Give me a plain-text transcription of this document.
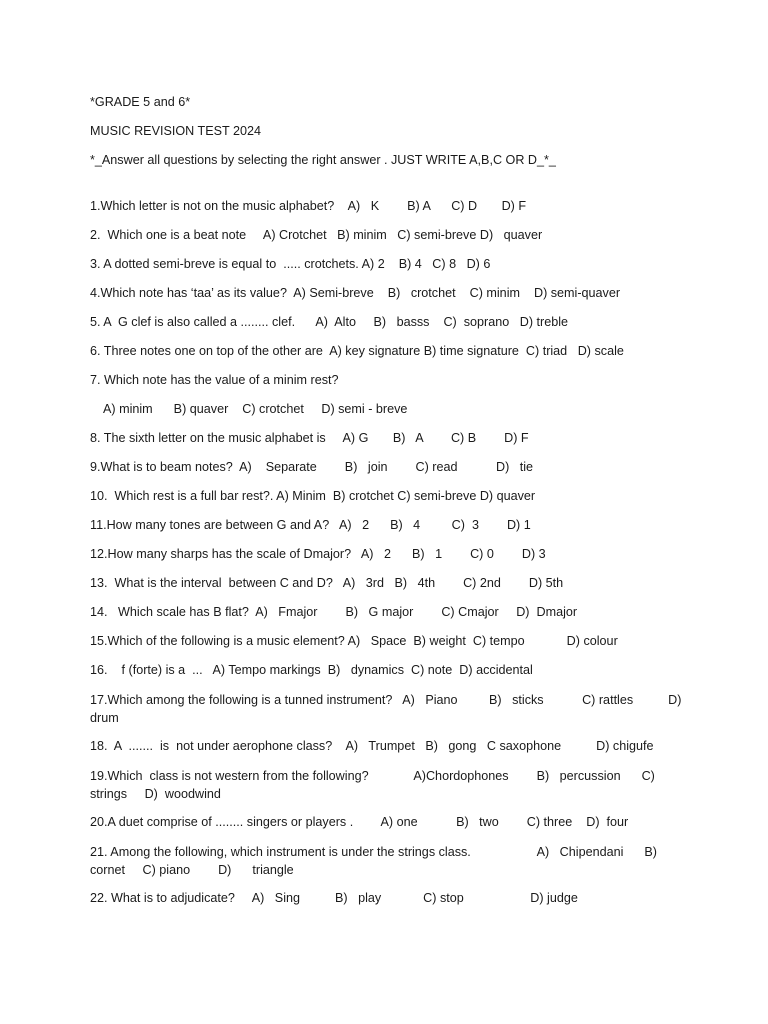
*GRADE 5 and 6*
MUSIC REVISION TEST 2024
*_Answer all questions by selecting the right answer . JUST WRITE A,B,C OR D_*_
1.Which letter is not on the music alphabet?    A)   K        B) A      C) D       D) F
2.  Which one is a beat note     A) Crotchet   B) minim   C) semi-breve D)   quaver
3. A dotted semi-breve is equal to  ..... crotchets. A) 2    B) 4   C) 8   D) 6
4.Which note has ‘taa’ as its value?  A) Semi-breve    B)   crotchet    C) minim    D) semi-quaver
5. A  G clef is also called a ........ clef.      A)  Alto     B)   basss    C)  soprano   D) treble
6. Three notes one on top of the other are  A) key signature B) time signature  C) triad   D) scale
7. Which note has the value of a minim rest?
A) minim      B) quaver    C) crotchet     D) semi - breve
8. The sixth letter on the music alphabet is     A) G       B)   A        C) B        D) F
9.What is to beam notes?  A)    Separate        B)   join        C) read           D)   tie
10.  Which rest is a full bar rest?. A) Minim  B) crotchet C) semi-breve D) quaver
11.How many tones are between G and A?   A)   2      B)   4         C)  3        D) 1
12.How many sharps has the scale of Dmajor?   A)   2      B)   1        C) 0        D) 3
13.  What is the interval  between C and D?   A)   3rd   B)   4th        C) 2nd        D) 5th
14.   Which scale has B flat?  A)   Fmajor        B)   G major        C) Cmajor     D)  Dmajor
15.Which of the following is a music element? A)   Space  B) weight  C) tempo            D) colour
16.    f (forte) is a  ...   A) Tempo markings  B)   dynamics  C) note  D) accidental
17.Which among the following is a tunned instrument?   A)   Piano         B)   sticks           C) rattles          D)
drum
18.  A  .......  is  not under aerophone class?    A)   Trumpet   B)   gong   C saxophone          D) chigufe
19.Which  class is not western from the following?             A)Chordophones        B)   percussion      C)
strings     D)  woodwind
20.A duet comprise of ........ singers or players .        A) one           B)   two        C) three    D)  four
21. Among the following, which instrument is under the strings class.                   A)   Chipendani      B)
cornet     C) piano        D)      triangle
22. What is to adjudicate?     A)   Sing          B)   play            C) stop                   D) judge
